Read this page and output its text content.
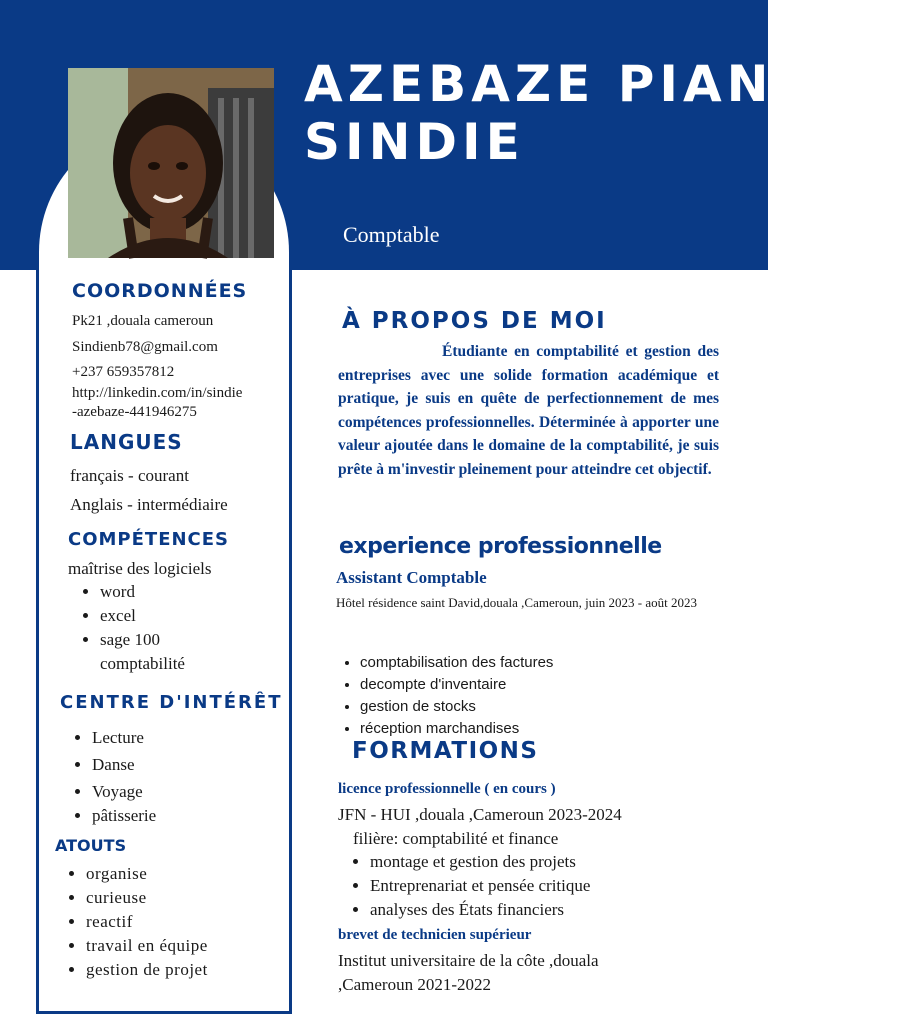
AZEBAZE PIANKEU
SINDIE
Comptable
COORDONNÉES
Pk21 ,douala cameroun
Sindienb78@gmail.com
+237 659357812
http://linkedin.com/in/sindie
-azebaze-441946275
LANGUES
français - courant
Anglais - intermédiaire
COMPÉTENCES
maîtrise des logiciels
• word
• excel
• sage 100
comptabilité
CENTRE D'INTÉRÊT
• Lecture
• Danse
• Voyage
• pâtisserie
ATOUTS
• organise
• curieuse
• reactif
• travail en équipe
• gestion de projet
À PROPOS DE MOI
Étudiante en comptabilité et gestion des entreprises avec une solide formation académique et pratique, je suis en quête de perfectionnement de mes compétences professionnelles. Déterminée à apporter une valeur ajoutée dans le domaine de la comptabilité, je suis prête à m'investir pleinement pour atteindre cet objectif.
experience professionnelle
Assistant Comptable
Hôtel résidence saint David,douala ,Cameroun, juin 2023 - août 2023
• comptabilisation des factures
• decompte d'inventaire
• gestion de stocks
• réception marchandises
FORMATIONS
licence professionnelle ( en cours )
JFN - HUI ,douala ,Cameroun 2023-2024
filière: comptabilité et finance
• montage et gestion des projets
• Entreprenariat et pensée critique
• analyses des États financiers
brevet de technicien supérieur
Institut universitaire de la côte ,douala
,Cameroun 2021-2022
